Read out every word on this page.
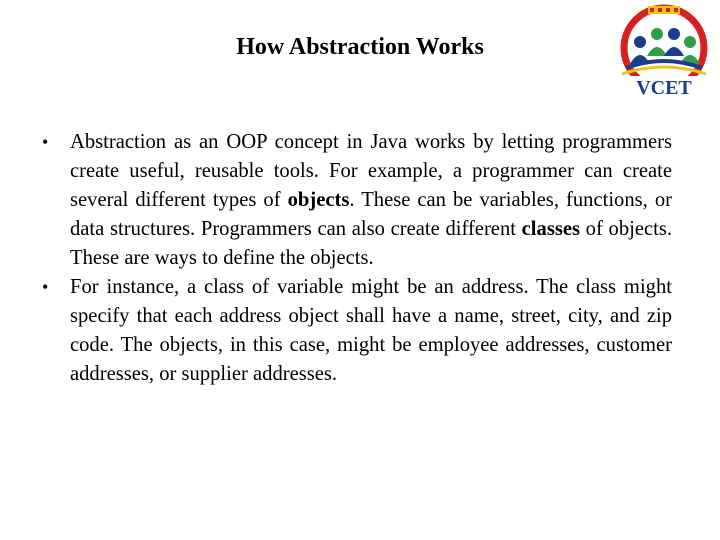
How Abstraction Works
VCET
• Abstraction as an OOP concept in Java works by letting programmers create useful, reusable tools. For example, a programmer can create several different types of objects. These can be variables, functions, or data structures. Programmers can also create different classes of objects. These are ways to define the objects.
• For instance, a class of variable might be an address. The class might specify that each address object shall have a name, street, city, and zip code. The objects, in this case, might be employee addresses, customer addresses, or supplier addresses.
